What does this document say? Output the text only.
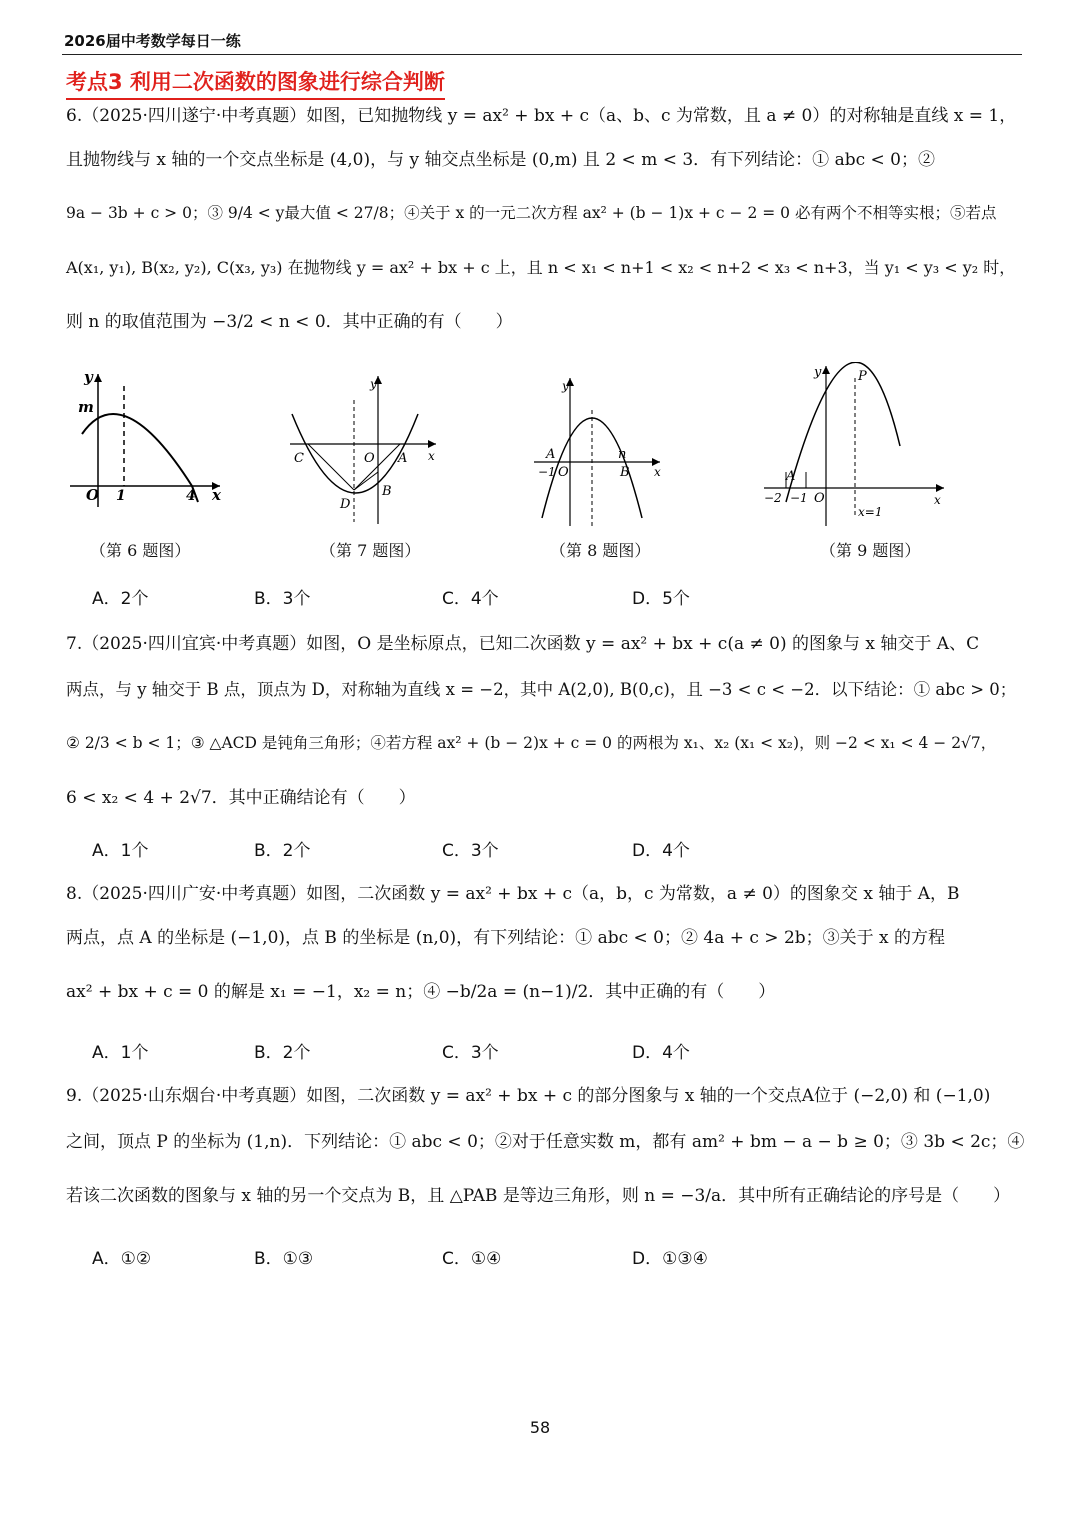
2026届中考数学每日一练
考点3 利用二次函数的图象进行综合判断
6.（2025·四川遂宁·中考真题）如图，已知抛物线 y = ax² + bx + c（a、b、c 为常数，且 a ≠ 0）的对称轴是直线 x = 1，
且抛物线与 x 轴的一个交点坐标是 (4,0)，与 y 轴交点坐标是 (0,m) 且 2 < m < 3．有下列结论：① abc < 0；②
9a − 3b + c > 0；③ 9/4 < y最大值 < 27/8；④关于 x 的一元二次方程 ax² + (b − 1)x + c − 2 = 0 必有两个不相等实根；⑤若点
A(x₁, y₁), B(x₂, y₂), C(x₃, y₃) 在抛物线 y = ax² + bx + c 上，且 n < x₁ < n+1 < x₂ < n+2 < x₃ < n+3，当 y₁ < y₃ < y₂ 时，
则 n 的取值范围为 −3/2 < n < 0．其中正确的有（　　）
y
m
O 1	4 x
（第 6 题图）
y
x
C	O A
D
B
（第 7 题图）
y
A
−1 O
n
B x
（第 8 题图）
y	P
A
−2 −1 O	x
x=1
（第 9 题图）
A．2个	B．3个	C．4个	D．5个
7.（2025·四川宜宾·中考真题）如图，O 是坐标原点，已知二次函数 y = ax² + bx + c(a ≠ 0) 的图象与 x 轴交于 A、C
两点，与 y 轴交于 B 点，顶点为 D，对称轴为直线 x = −2，其中 A(2,0), B(0,c)，且 −3 < c < −2．以下结论：① abc > 0；
② 2/3 < b < 1；③ △ACD 是钝角三角形；④若方程 ax² + (b − 2)x + c = 0 的两根为 x₁、x₂ (x₁ < x₂)，则 −2 < x₁ < 4 − 2√7，
6 < x₂ < 4 + 2√7．其中正确结论有（　　）
A．1个	B．2个	C．3个	D．4个
8.（2025·四川广安·中考真题）如图，二次函数 y = ax² + bx + c（a，b，c 为常数，a ≠ 0）的图象交 x 轴于 A，B
两点，点 A 的坐标是 (−1,0)，点 B 的坐标是 (n,0)，有下列结论：① abc < 0；② 4a + c > 2b；③关于 x 的方程
ax² + bx + c = 0 的解是 x₁ = −1，x₂ = n；④ −b/2a = (n−1)/2．其中正确的有（　　）
A．1个	B．2个	C．3个	D．4个
9.（2025·山东烟台·中考真题）如图，二次函数 y = ax² + bx + c 的部分图象与 x 轴的一个交点A位于 (−2,0) 和 (−1,0)
之间，顶点 P 的坐标为 (1,n)．下列结论：① abc < 0；②对于任意实数 m，都有 am² + bm − a − b ≥ 0；③ 3b < 2c；④
若该二次函数的图象与 x 轴的另一个交点为 B，且 △PAB 是等边三角形，则 n = −3/a．其中所有正确结论的序号是（　　）
A．①②	B．①③	C．①④	D．①③④
58
